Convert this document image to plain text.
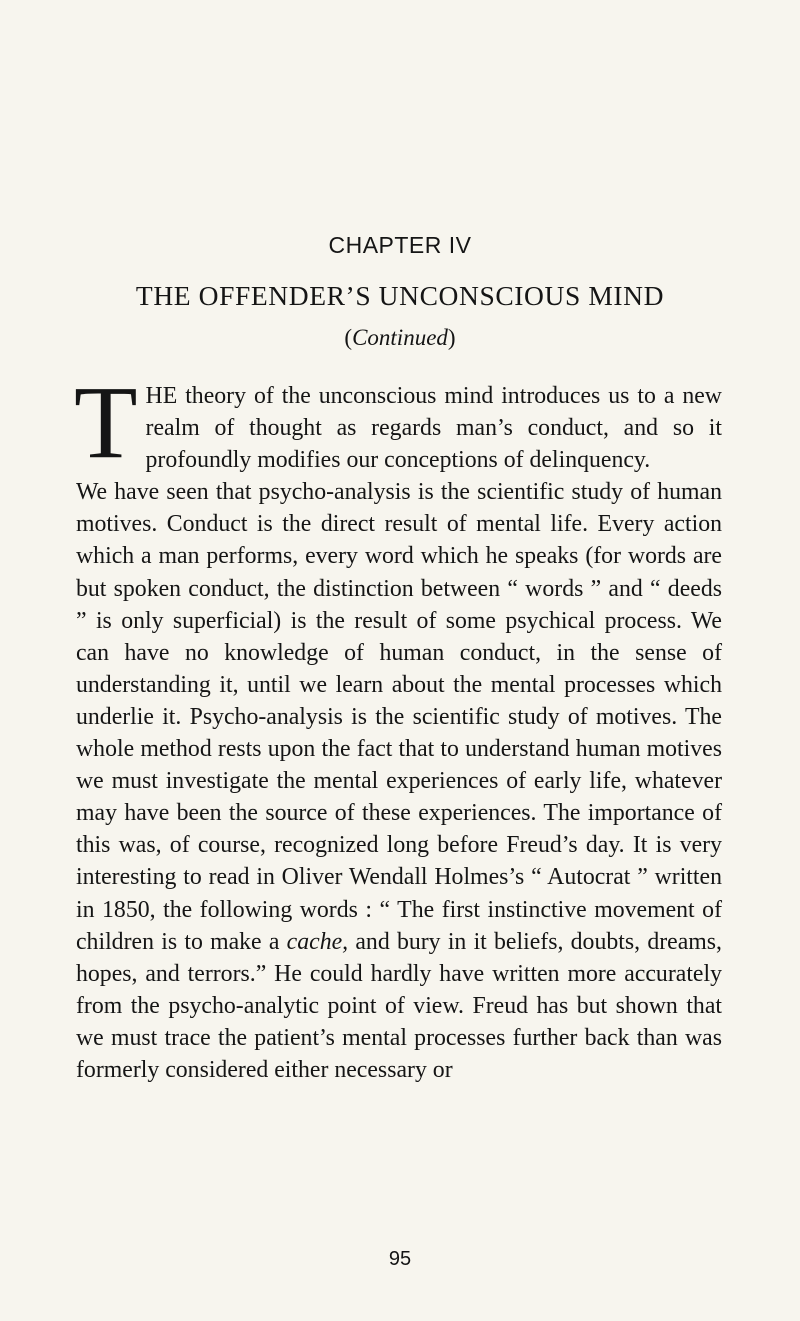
CHAPTER IV
THE OFFENDER’S UNCONSCIOUS MIND
(Continued)
T HE theory of the unconscious mind introduces us to a new realm of thought as regards man’s conduct, and so it profoundly modifies our conceptions of delinquency.

We have seen that psycho-analysis is the scientific study of human motives. Conduct is the direct result of mental life. Every action which a man performs, every word which he speaks (for words are but spoken conduct, the distinction between “ words ” and “ deeds ” is only superficial) is the result of some psychical process. We can have no knowledge of human conduct, in the sense of understanding it, until we learn about the mental processes which underlie it. Psycho-analysis is the scientific study of motives. The whole method rests upon the fact that to understand human motives we must investigate the mental experiences of early life, whatever may have been the source of these experiences. The importance of this was, of course, recognized long before Freud’s day. It is very interesting to read in Oliver Wendall Holmes’s “ Autocrat ” written in 1850, the following words : “ The first instinctive movement of children is to make a cache, and bury in it beliefs, doubts, dreams, hopes, and terrors.” He could hardly have written more accurately from the psycho-analytic point of view. Freud has but shown that we must trace the patient’s mental processes further back than was formerly considered either necessary or

95
